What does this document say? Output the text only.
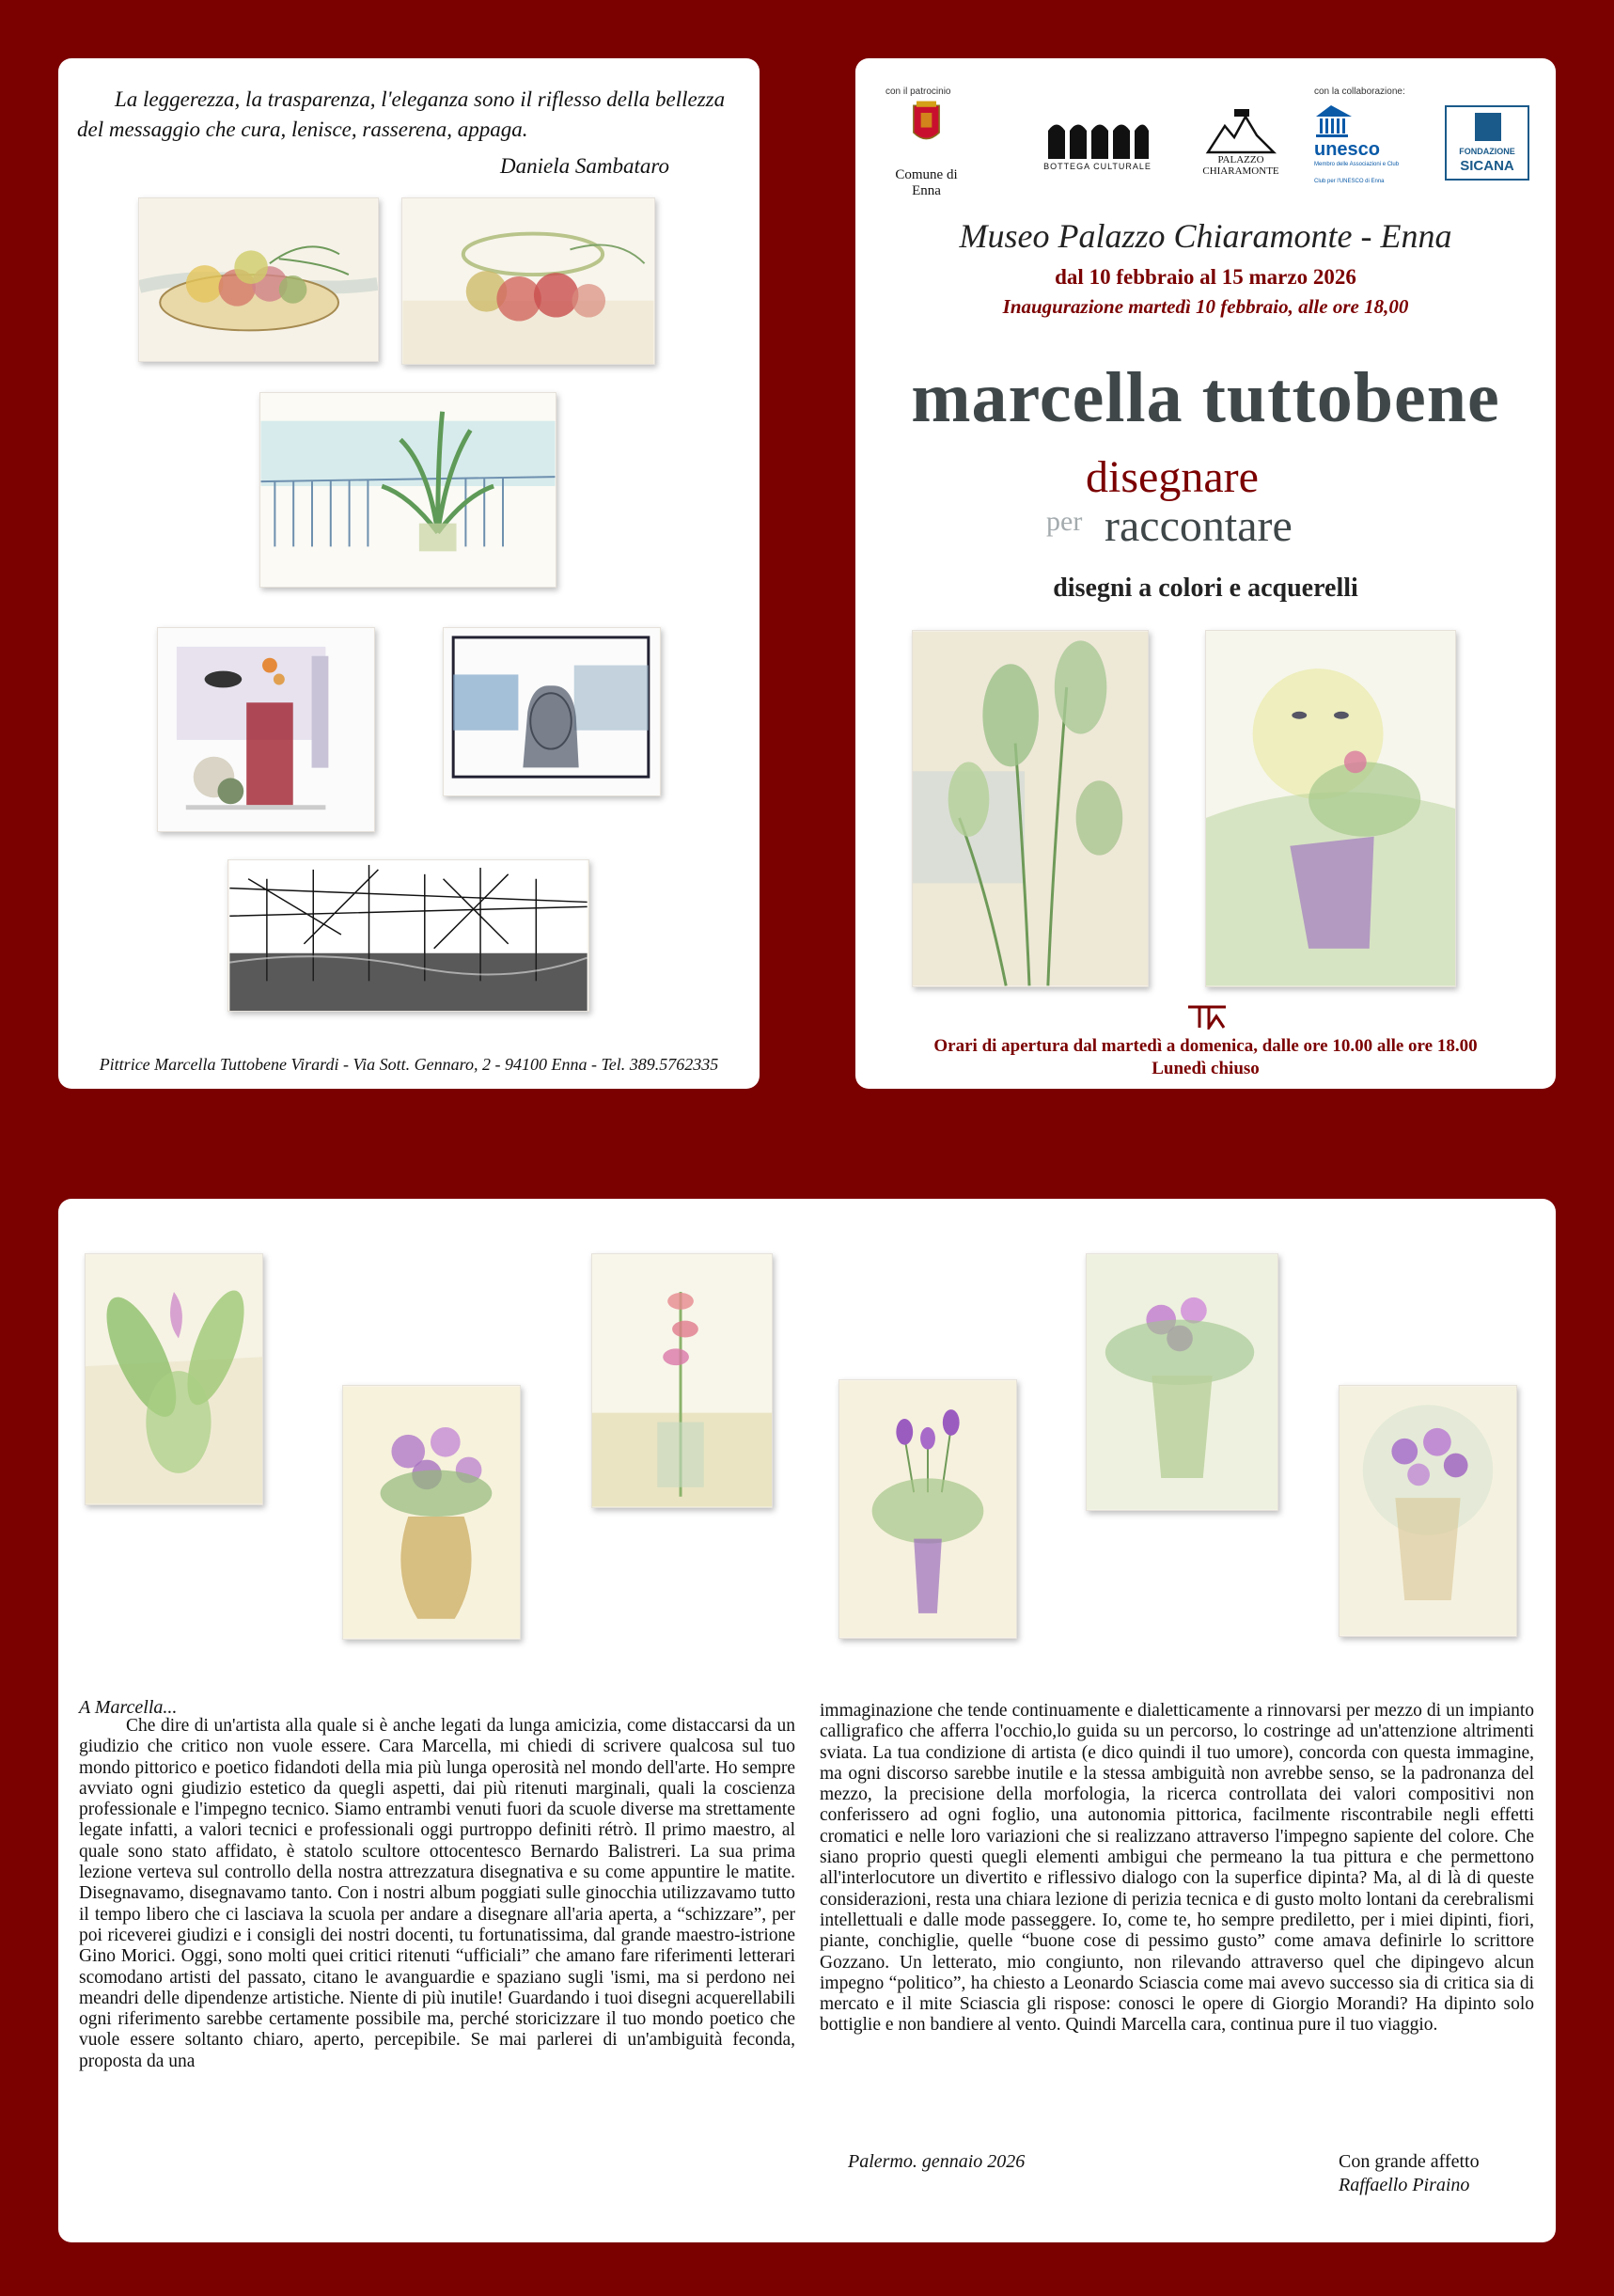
La leggerezza, la trasparenza, l'eleganza sono il riflesso della bellezza del messaggio che cura, lenisce, rasserena, appaga.
Daniela Sambataro
Pittrice Marcella Tuttobene Virardi - Via Sott. Gennaro, 2 - 94100 Enna - Tel. 389.5762335
con il patrocinio
Comune di Enna
BOTTEGA CULTURALE
PALAZZO
CHIARAMONTE
con la collaborazione:
unesco
Membro delle Associazioni e Club
Club per l'UNESCO di Enna
FONDAZIONE
SICANA
Museo Palazzo Chiaramonte - Enna
dal 10 febbraio al 15 marzo 2026
Inaugurazione martedì 10 febbraio, alle ore 18,00
marcella tuttobene
disegnare
per raccontare
disegni a colori e acquerelli
Orari di apertura dal martedì a domenica, dalle ore 10.00 alle ore 18.00
Lunedì chiuso
A Marcella...
Che dire di un'artista alla quale si è anche legati da lunga amicizia, come distaccarsi da un giudizio che critico non vuole essere. Cara Marcella, mi chiedi di scrivere qualcosa sul tuo mondo pittorico e poetico fidandoti della mia più lunga operosità nel mondo dell'arte. Ho sempre avviato ogni giudizio estetico da quegli aspetti, dai più ritenuti marginali, quali la coscienza professionale e l'impegno tecnico. Siamo entrambi venuti fuori da scuole diverse ma strettamente legate infatti, a valori tecnici e professionali oggi purtroppo definiti rétrò. Il primo maestro, al quale sono stato affidato, è statolo scultore ottocentesco Bernardo Balistreri. La sua prima lezione verteva sul controllo della nostra attrezzatura disegnativa e su come appuntire le matite. Disegnavamo, disegnavamo tanto. Con i nostri album poggiati sulle ginocchia utilizzavamo tutto il tempo libero che ci lasciava la scuola per andare a disegnare all'aria aperta, a “schizzare”, per poi riceverei giudizi e i consigli dei nostri docenti, tu fortunatissima, dal grande maestro-istrione Gino Morici. Oggi, sono molti quei critici ritenuti “ufficiali” che amano fare riferimenti letterari scomodano artisti del passato, citano le avanguardie e spaziano sugli 'ismi, ma si perdono nei meandri delle dipendenze artistiche. Niente di più inutile! Guardando i tuoi disegni acquerellabili ogni riferimento sarebbe certamente possibile ma, perché storicizzare il tuo mondo poetico che vuole essere soltanto chiaro, aperto, percepibile. Se mai parlerei di un'ambiguità feconda, proposta da una
immaginazione che tende continuamente e dialetticamente a rinnovarsi per mezzo di un impianto calligrafico che afferra l'occhio,lo guida su un percorso, lo costringe ad un'attenzione altrimenti sviata. La tua condizione di artista (e dico quindi il tuo umore), concorda con questa immagine, ma ogni discorso sarebbe inutile e la stessa ambiguità non avrebbe senso, se la padronanza del mezzo, la precisione della morfologia, la ricerca controllata dei valori compositivi non conferissero ad ogni foglio, una autonomia pittorica, facilmente riscontrabile negli effetti cromatici e nelle loro variazioni che si realizzano attraverso l'impegno sapiente del colore. Che siano proprio questi quegli elementi ambigui che permeano la tua pittura e che permettono all'interlocutore un divertito e riflessivo dialogo con la superfice dipinta? Ma, al di là di queste considerazioni, resta una chiara lezione di perizia tecnica e di gusto molto lontani da cerebralismi intellettuali e dalle mode passeggere. Io, come te, ho sempre prediletto, per i miei dipinti, fiori, piante, conchiglie, quelle “buone cose di pessimo gusto” come amava definirle lo scrittore Gozzano. Un letterato, mio congiunto, non rilevando attraverso quel che dipingevo alcun impegno “politico”, ha chiesto a Leonardo Sciascia come mai avevo successo sia di critica sia di mercato e il mite Sciascia gli rispose: conosci le opere di Giorgio Morandi? Ha dipinto solo bottiglie e non bandiere al vento. Quindi Marcella cara, continua pure il tuo viaggio.
Palermo. gennaio 2026	Con grande affetto
Raffaello Piraino
